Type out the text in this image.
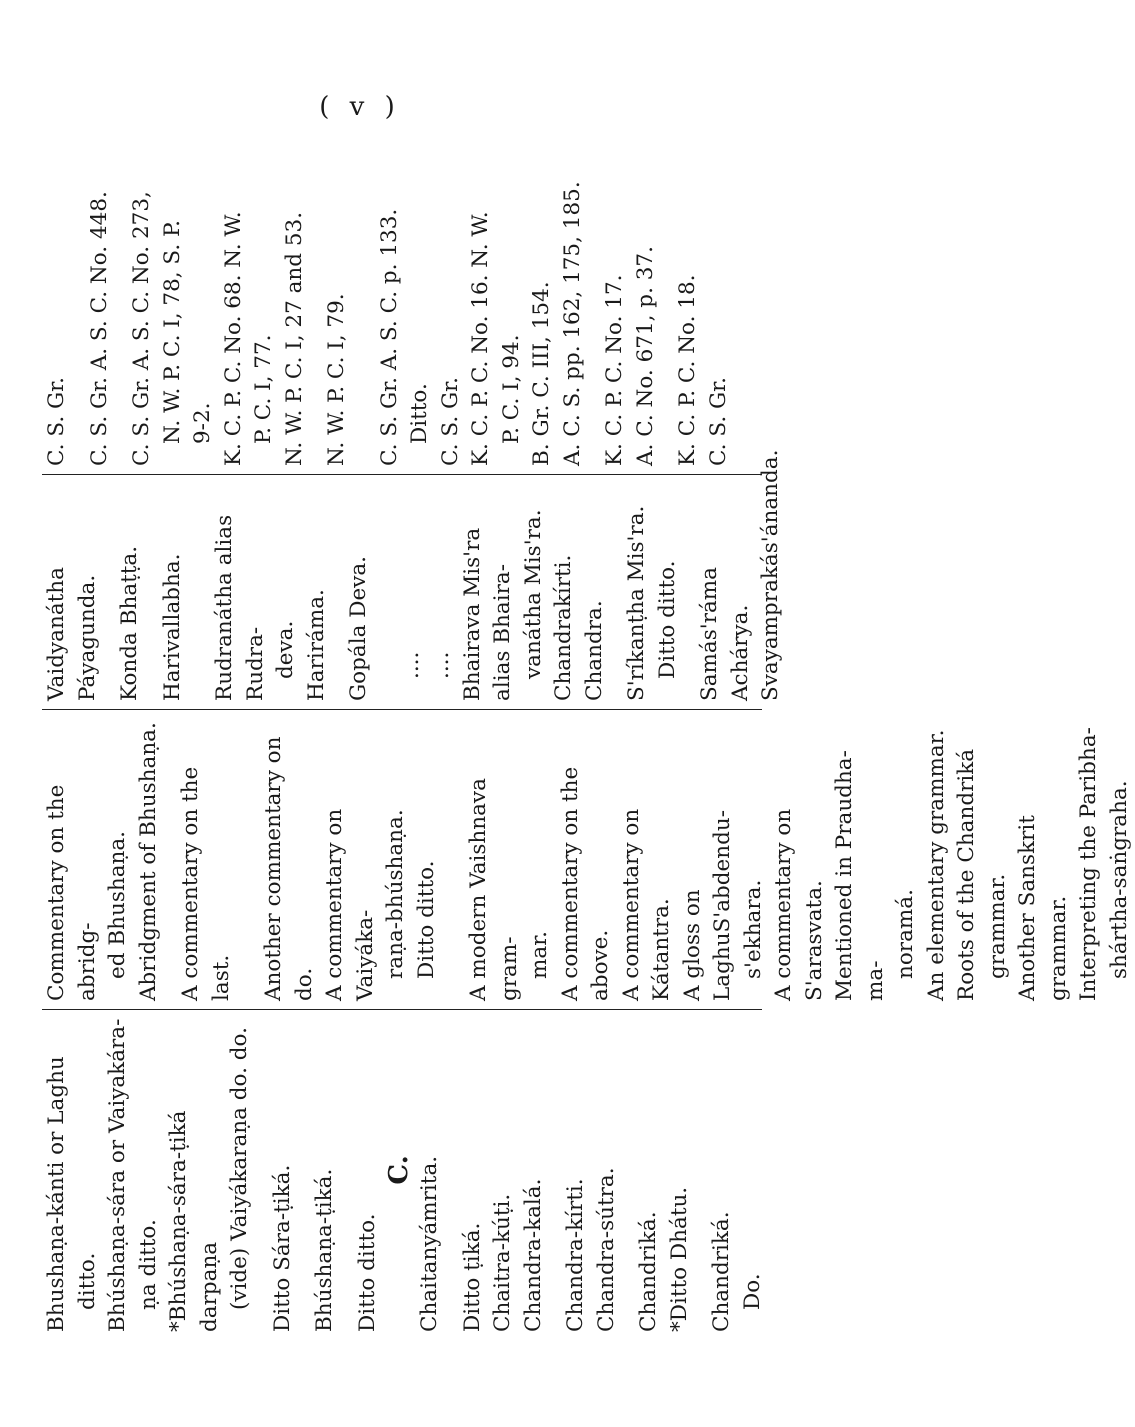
( v )
Bhushaṇa-kánti or Laghu ditto. Bhúshaṇa-sára or Vaiyakára- ṇa ditto. *Bhúshaṇa-sára-ṭiká darpaṇa (vide) Vaiyákaraṇa do. do. Ditto Sára-ṭiká. Bhúshaṇa-ṭiká. Ditto ditto.
C. Chaitanyámrita. Ditto ṭiká. Chaitra-kúṭi. Chandra-kalá. Chandra-kírti. Chandra-sútra. Chandriká. *Ditto Dhátu. Chandriká. Do.
Commentary on the abridg- ed Bhushaṇa. Abridgment of Bhushaṇa. A commentary on the last. Another commentary on do. A commentary on Vaiyáka- raṇa-bhúshaṇa. Ditto ditto. A modern Vaishnava gram- mar. A commentary on the above. A commentary on Kátantra. A gloss on LaghuS'abdendu- s'ekhara. A commentary on S'arasvata. Mentioned in Praudha-ma-
noramá. An elementary grammar. Roots of the Chandriká grammar. Another Sanskrit grammar. Interpreting the Paribha- shártha-saṅgraha.
Vaidyanátha Páyagunda. Konda Bhaṭṭa. Harivallabha. Rudranátha alias Rudra- deva. Harirámа. Gopála Deva. .... .... Bhairava Mis'ra alias Bhaira- vanátha Mis'ra. Chandrakírti. Chandra. S'ríkanṭha Mis'ra. Ditto ditto. Samás'ráma Achárya. Svayamprakás'ánanda.
C. S. Gr. C. S. Gr. A. S. C. No. 448. C. S. Gr. A. S. C. No. 273, N. W. P. C. I, 78, S. P. 9-2. K. C. P. C. No. 68. N. W. P. C. I, 77. N. W. P. C. I, 27 and 53. N. W. P. C. I, 79. C. S. Gr. A. S. C. p. 133. Ditto. C. S. Gr. K. C. P. C. No. 16. N. W. P. C. I, 94. B. Gr. C. III, 154. A. C. S. pp. 162, 175, 185. K. C. P. C. No. 17. A. C. No. 671, p. 37. K. C. P. C. No. 18. C. S. Gr.
